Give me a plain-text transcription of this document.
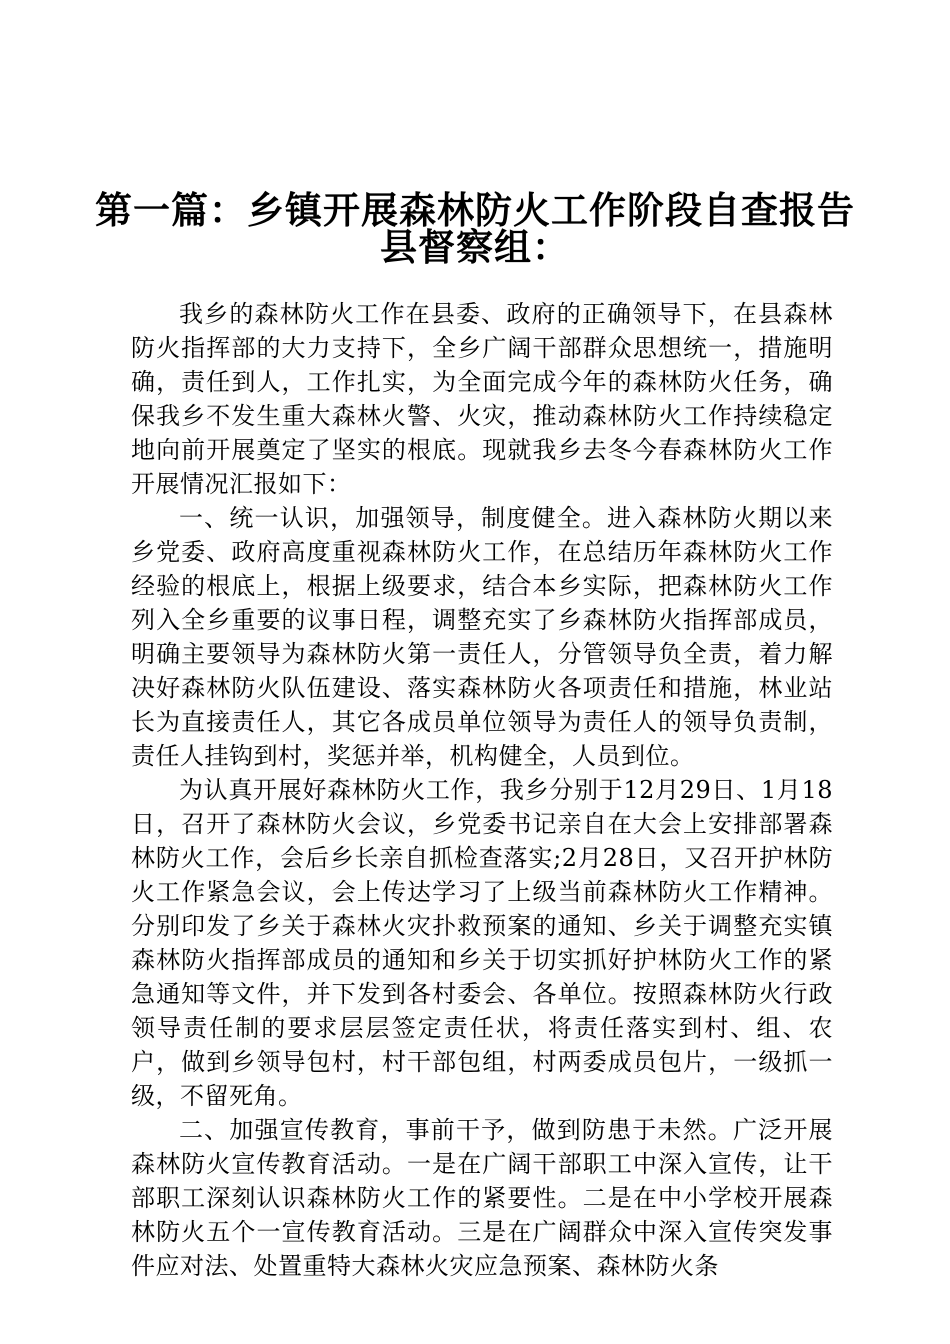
第一篇：乡镇开展森林防火工作阶段自查报告
县督察组：

我乡的森林防火工作在县委、政府的正确领导下，在县森林防火指挥部的大力支持下，全乡广阔干部群众思想统一，措施明确，责任到人，工作扎实，为全面完成今年的森林防火任务，确保我乡不发生重大森林火警、火灾，推动森林防火工作持续稳定地向前开展奠定了坚实的根底。现就我乡去冬今春森林防火工作开展情况汇报如下：

一、统一认识，加强领导，制度健全。进入森林防火期以来乡党委、政府高度重视森林防火工作，在总结历年森林防火工作经验的根底上，根据上级要求，结合本乡实际，把森林防火工作列入全乡重要的议事日程，调整充实了乡森林防火指挥部成员，明确主要领导为森林防火第一责任人，分管领导负全责，着力解决好森林防火队伍建设、落实森林防火各项责任和措施，林业站长为直接责任人，其它各成员单位领导为责任人的领导负责制，责任人挂钩到村，奖惩并举，机构健全，人员到位。

为认真开展好森林防火工作，我乡分别于12月29日、1月18日，召开了森林防火会议，乡党委书记亲自在大会上安排部署森林防火工作，会后乡长亲自抓检查落实;2月28日，又召开护林防火工作紧急会议，会上传达学习了上级当前森林防火工作精神。分别印发了乡关于森林火灾扑救预案的通知、乡关于调整充实镇森林防火指挥部成员的通知和乡关于切实抓好护林防火工作的紧急通知等文件，并下发到各村委会、各单位。按照森林防火行政领导责任制的要求层层签定责任状，将责任落实到村、组、农户，做到乡领导包村，村干部包组，村两委成员包片，一级抓一级，不留死角。

二、加强宣传教育，事前干予，做到防患于未然。广泛开展森林防火宣传教育活动。一是在广阔干部职工中深入宣传，让干部职工深刻认识森林防火工作的紧要性。二是在中小学校开展森林防火五个一宣传教育活动。三是在广阔群众中深入宣传突发事件应对法、处置重特大森林火灾应急预案、森林防火条
